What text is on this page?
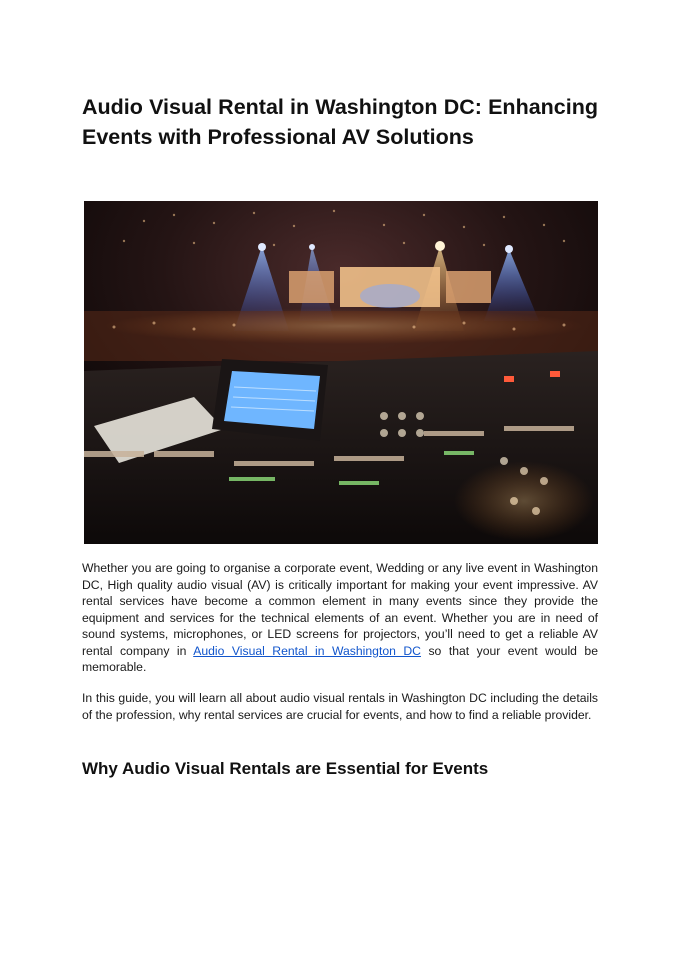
Audio Visual Rental in Washington DC: Enhancing Events with Professional AV Solutions

Whether you are going to organise a corporate event, Wedding or any live event in Washington DC, High quality audio visual (AV) is critically important for making your event impressive. AV rental services have become a common element in many events since they provide the equipment and services for the technical elements of an event. Whether you are in need of sound systems, microphones, or LED screens for projectors, you’ll need to get a reliable AV rental company in Audio Visual Rental in Washington DC so that your event would be memorable.

In this guide, you will learn all about audio visual rentals in Washington DC including the details of the profession, why rental services are crucial for events, and how to find a reliable provider.

Why Audio Visual Rentals are Essential for Events
